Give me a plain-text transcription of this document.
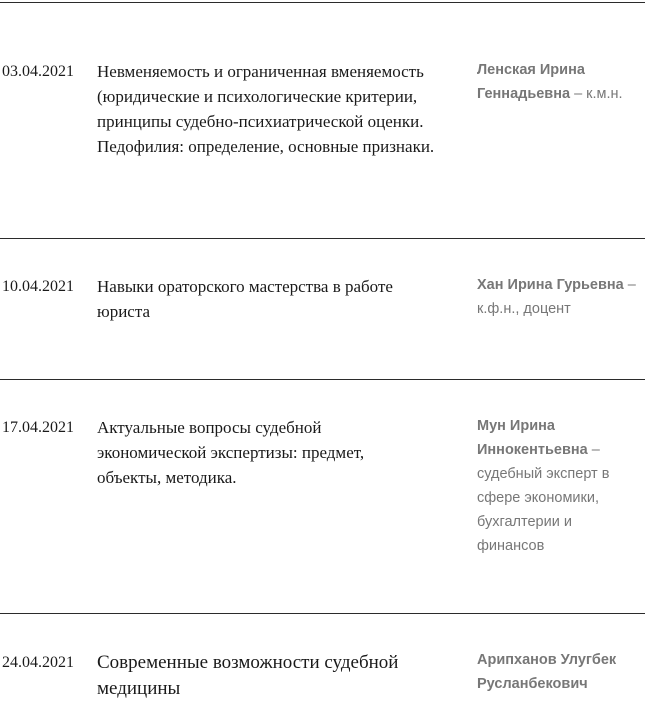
03.04.2021 Невменяемость и ограниченная вменяемость (юридические и психологические критерии, принципы судебно-психиатрической оценки. Педофилия: определение, основные признаки.
Ленская Ирина Геннадьевна – к.м.н.
10.04.2021 Навыки ораторского мастерства в работе юриста
Хан Ирина Гурьевна – к.ф.н., доцент
17.04.2021 Актуальные вопросы судебной экономической экспертизы: предмет, объекты, методика.
Мун Ирина Иннокентьевна – судебный эксперт в сфере экономики, бухгалтерии и финансов
24.04.2021 Современные возможности судебной медицины
Арипханов Улугбек Русланбекович
